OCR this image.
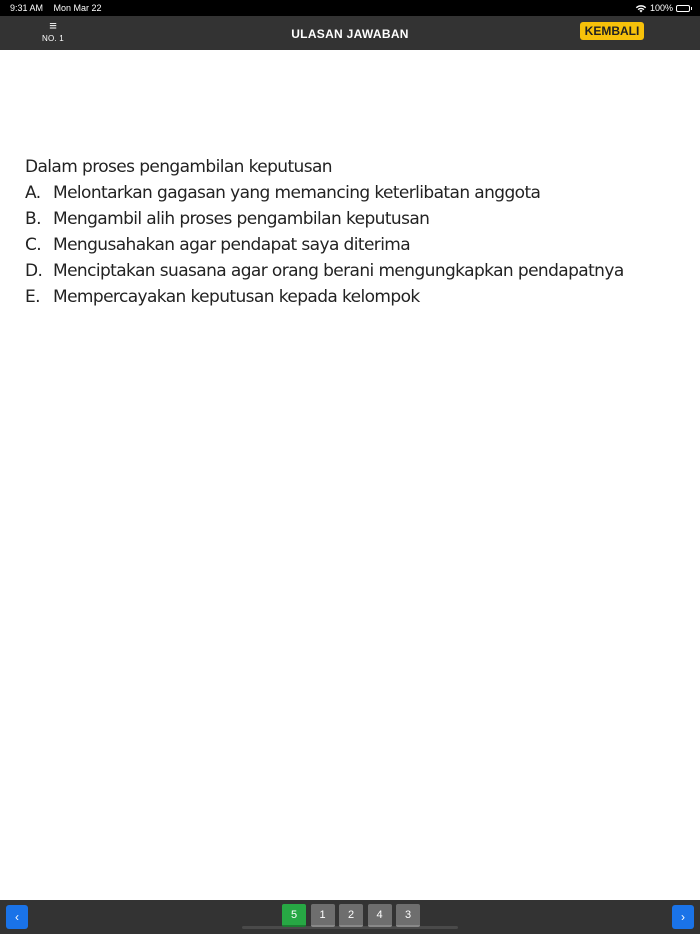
9:31 AM Mon Mar 22	100%
≡
NO. 1	ULASAN JAWABAN	KEMBALI
Dalam proses pengambilan keputusan
A. Melontarkan gagasan yang memancing keterlibatan anggota
B. Mengambil alih proses pengambilan keputusan
C. Mengusahakan agar pendapat saya diterima
D. Menciptakan suasana agar orang berani mengungkapkan pendapatnya
E. Mempercayakan keputusan kepada kelompok
‹	›
5	1	2	4	3
